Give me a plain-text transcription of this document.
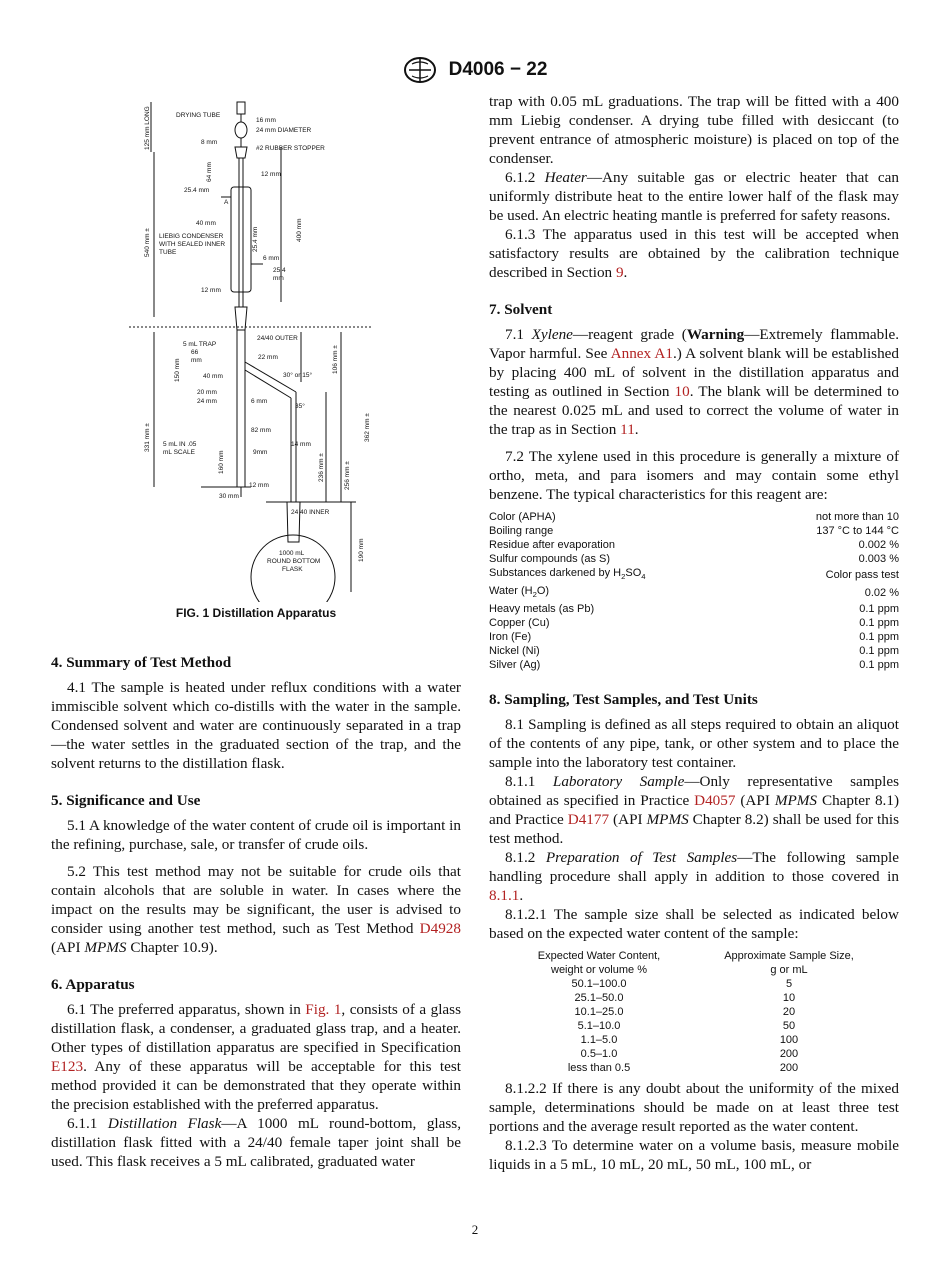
D4006 − 22
DRYING TUBE
16 mm
24 mm DIAMETER
8 mm
#2 RUBBER STOPPER
125 mm LONG
64 mm	12 mm
25.4 mm
A
40 mm
LIEBIG CONDENSER
WITH SEALED INNER
TUBE
540 mm ±	400 mm
25.4 mm
6 mm
25.4
mm
12 mm
24/40 OUTER
5 mL TRAP
66
mm	22 mm
150 mm	40 mm	30° or 15°
106 mm ±
20 mm
24 mm	6 mm
35°
331 mm ±	82 mm
5 mL IN .05
mL SCALE	160 mm	9mm
14 mm
236 mm ±	256 mm ±
362 mm ±
12 mm
30 mm
24 40 INNER
1000 mL
ROUND BOTTOM
FLASK
190 mm
FIG. 1 Distillation Apparatus
4. Summary of Test Method

4.1 The sample is heated under reflux conditions with a water immiscible solvent which co-distills with the water in the sample. Condensed solvent and water are continuously separated in a trap—the water settles in the graduated section of the trap, and the solvent returns to the distillation flask.

5. Significance and Use

5.1 A knowledge of the water content of crude oil is important in the refining, purchase, sale, or transfer of crude oils.

5.2 This test method may not be suitable for crude oils that contain alcohols that are soluble in water. In cases where the impact on the results may be significant, the user is advised to consider using another test method, such as Test Method D4928 (API MPMS Chapter 10.9).

6. Apparatus

6.1 The preferred apparatus, shown in Fig. 1, consists of a glass distillation flask, a condenser, a graduated glass trap, and a heater. Other types of distillation apparatus are specified in Specification E123. Any of these apparatus will be acceptable for this test method provided it can be demonstrated that they operate within the precision established with the preferred apparatus.

6.1.1 Distillation Flask—A 1000 mL round-bottom, glass, distillation flask fitted with a 24/40 female taper joint shall be used. This flask receives a 5 mL calibrated, graduated water

trap with 0.05 mL graduations. The trap will be fitted with a 400 mm Liebig condenser. A drying tube filled with desiccant (to prevent entrance of atmospheric moisture) is placed on top of the condenser.

6.1.2 Heater—Any suitable gas or electric heater that can uniformly distribute heat to the entire lower half of the flask may be used. An electric heating mantle is preferred for safety reasons.

6.1.3 The apparatus used in this test will be accepted when satisfactory results are obtained by the calibration technique described in Section 9.

7. Solvent

7.1 Xylene—reagent grade (Warning—Extremely flammable. Vapor harmful. See Annex A1.) A solvent blank will be established by placing 400 mL of solvent in the distillation apparatus and testing as outlined in Section 10. The blank will be determined to the nearest 0.025 mL and used to correct the volume of water in the trap as in Section 11.

7.2 The xylene used in this procedure is generally a mixture of ortho, meta, and para isomers and may contain some ethyl benzene. The typical characteristics for this reagent are:

Color (APHA)	not more than 10
Boiling range	137 °C to 144 °C
Residue after evaporation	0.002 %
Sulfur compounds (as S)	0.003 %
Substances darkened by $H_2SO_4$	Color pass test
Water $(H_2O)$	0.02 %
Heavy metals (as Pb)	0.1 ppm
Copper (Cu)	0.1 ppm
Iron (Fe)	0.1 ppm
Nickel (Ni)	0.1 ppm
Silver (Ag)	0.1 ppm
8. Sampling, Test Samples, and Test Units

8.1 Sampling is defined as all steps required to obtain an aliquot of the contents of any pipe, tank, or other system and to place the sample into the laboratory test container.

8.1.1 Laboratory Sample—Only representative samples obtained as specified in Practice D4057 (API MPMS Chapter 8.1) and Practice D4177 (API MPMS Chapter 8.2) shall be used for this test method.

8.1.2 Preparation of Test Samples—The following sample handling procedure shall apply in addition to those covered in 8.1.1.

8.1.2.1 The sample size shall be selected as indicated below based on the expected water content of the sample:

Expected Water Content,
weight or volume %	Approximate Sample Size,
g or mL
50.1–100.0	5
25.1–50.0	10
10.1–25.0	20
5.1–10.0	50
1.1–5.0	100
0.5–1.0	200
less than 0.5	200

8.1.2.2 If there is any doubt about the uniformity of the mixed sample, determinations should be made on at least three test portions and the average result reported as the water content.

8.1.2.3 To determine water on a volume basis, measure mobile liquids in a 5 mL, 10 mL, 20 mL, 50 mL, 100 mL, or

2
